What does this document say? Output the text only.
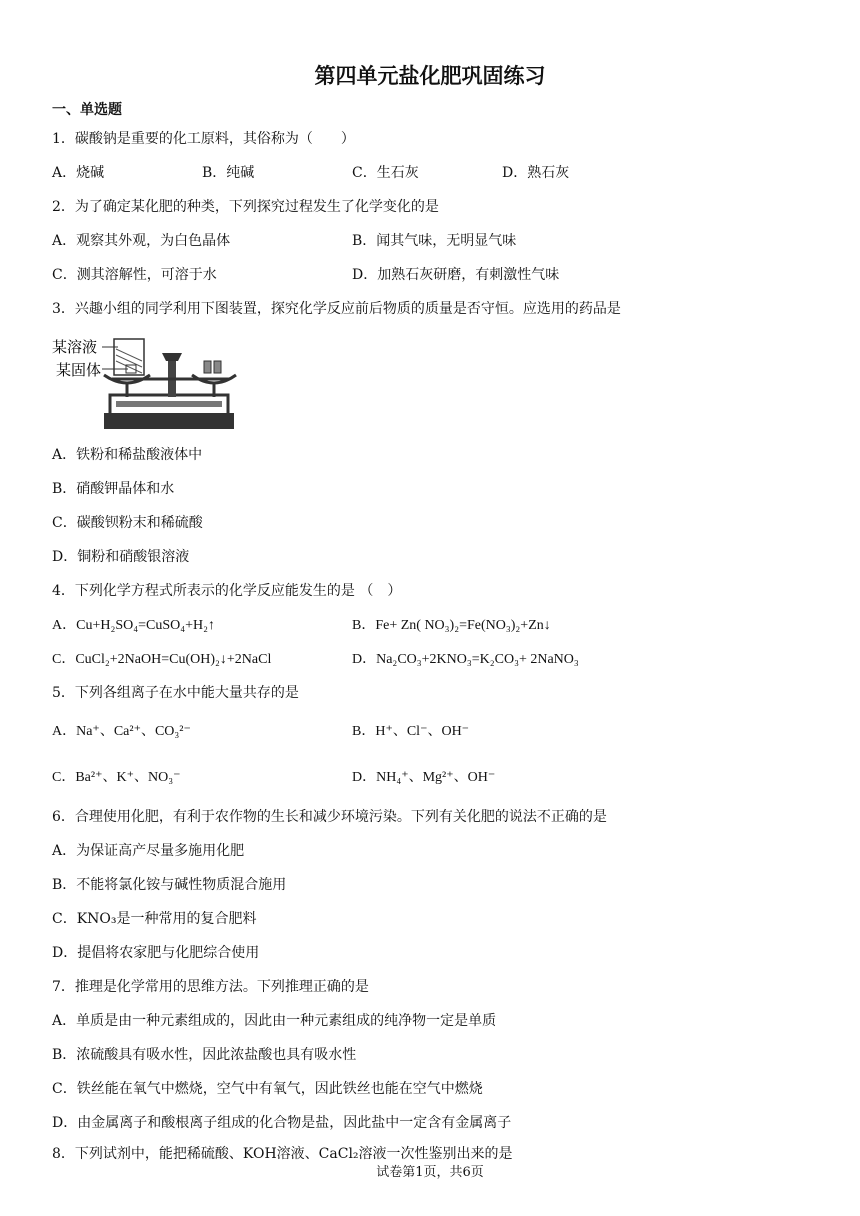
第四单元盐化肥巩固练习
一、单选题
1．碳酸钠是重要的化工原料，其俗称为（　　）
A．烧碱	B．纯碱	C．生石灰	D．熟石灰
2．为了确定某化肥的种类，下列探究过程发生了化学变化的是
A．观察其外观，为白色晶体	B．闻其气味，无明显气味
C．测其溶解性，可溶于水	D．加熟石灰研磨，有刺激性气味
3．兴趣小组的同学利用下图装置，探究化学反应前后物质的质量是否守恒。应选用的药品是
某溶液
某固体
A．铁粉和稀盐酸液体中
B．硝酸钾晶体和水
C．碳酸钡粉末和稀硫酸
D．铜粉和硝酸银溶液
4．下列化学方程式所表示的化学反应能发生的是 （　）
A．Cu+H₂SO₄=CuSO₄+H₂↑	B．Fe+ Zn( NO₃)₂=Fe(NO₃)₂+Zn↓
C．CuCl₂+2NaOH=Cu(OH)₂↓+2NaCl	D．Na₂CO₃+2KNO₃=K₂CO₃+ 2NaNO₃
5．下列各组离子在水中能大量共存的是
A．Na⁺、Ca²⁺、CO₃²⁻	B．H⁺、Cl⁻、OH⁻
C．Ba²⁺、K⁺、NO₃⁻	D．NH₄⁺、Mg²⁺、OH⁻
6．合理使用化肥，有利于农作物的生长和减少环境污染。下列有关化肥的说法不正确的是
A．为保证高产尽量多施用化肥
B．不能将氯化铵与碱性物质混合施用
C．KNO₃是一种常用的复合肥料
D．提倡将农家肥与化肥综合使用
7．推理是化学常用的思维方法。下列推理正确的是
A．单质是由一种元素组成的，因此由一种元素组成的纯净物一定是单质
B．浓硫酸具有吸水性，因此浓盐酸也具有吸水性
C．铁丝能在氧气中燃烧，空气中有氧气，因此铁丝也能在空气中燃烧
D．由金属离子和酸根离子组成的化合物是盐，因此盐中一定含有金属离子
8．下列试剂中，能把稀硫酸、KOH溶液、CaCl₂溶液一次性鉴别出来的是
试卷第1页，共6页
